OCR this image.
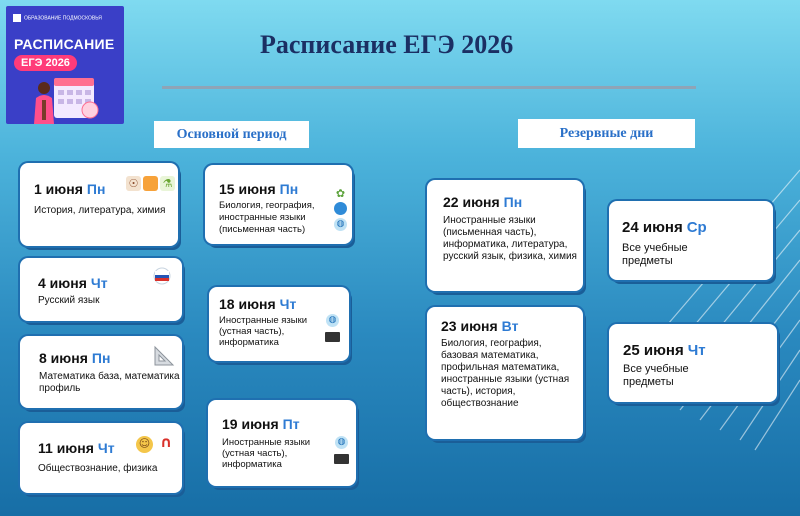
ОБРАЗОВАНИЕ ПОДМОСКОВЬЯ
РАСПИСАНИЕ
ЕГЭ 2026
Расписание ЕГЭ 2026
Основной период	Резервные дни
1 июня Пн
История, литература, химия
☉ ⚗
4 июня Чт
Русский язык
8 июня Пн
Математика база, математика профиль
11 июня Чт
Обществознание, физика
☺ ∩
15 июня Пн
Биология, география, иностранные языки (письменная часть)
✿
◍
18 июня Чт
Иностранные языки (устная часть), информатика
◍
19 июня Пт
Иностранные языки (устная часть), информатика
◍
22 июня Пн
Иностранные языки (письменная часть), информатика, литература, русский язык, физика, химия
23 июня Вт
Биология, география, базовая математика, профильная математика, иностранные языки (устная часть), история, обществознание
24 июня Ср
Все учебные предметы
25 июня Чт
Все учебные предметы
